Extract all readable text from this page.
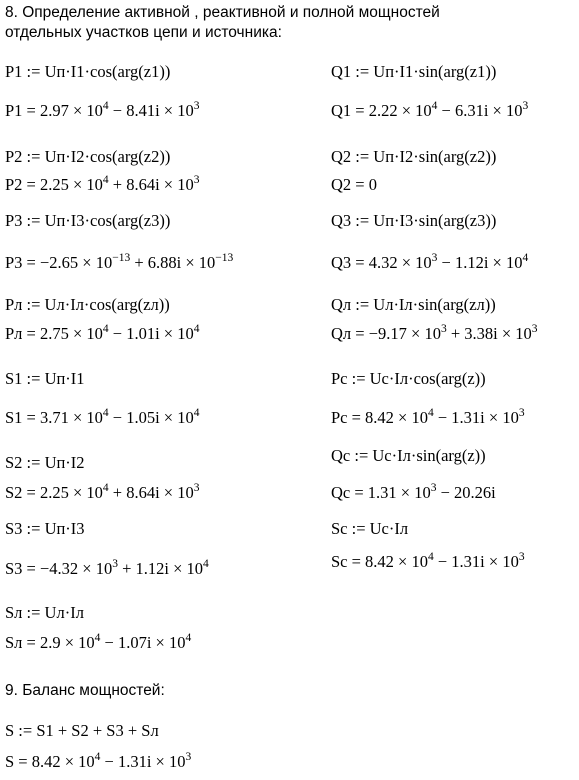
8. Определение активной , реактивной и полной мощностей
отдельных участков цепи и источника:
P1 := Uп·I1·cos(arg(z1))
$P1 = 2.97 \times 10^4 - 8.41i \times 10^3$
P2 := Uп·I2·cos(arg(z2))
$P2 = 2.25 \times 10^4 + 8.64i \times 10^3$
P3 := Uп·I3·cos(arg(z3))
$P3 = -2.65 \times 10^{-13} + 6.88i \times 10^{-13}$
Pл := Uл·Iл·cos(arg(zл))
Pл = $2.75 \times 10^4 - 1.01i \times 10^4$
S1 := Uп·I1
$S1 = 3.71 \times 10^4 - 1.05i \times 10^4$
S2 := Uп·I2
$S2 = 2.25 \times 10^4 + 8.64i \times 10^3$
S3 := Uп·I3
$S3 = -4.32 \times 10^3 + 1.12i \times 10^4$
Sл := Uл·Iл
Sл = $2.9 \times 10^4 - 1.07i \times 10^4$
Q1 := Uп·I1·sin(arg(z1))
$Q1 = 2.22 \times 10^4 - 6.31i \times 10^3$
Q2 := Uп·I2·sin(arg(z2))
Q2 = 0
Q3 := Uп·I3·sin(arg(z3))
$Q3 = 4.32 \times 10^3 - 1.12i \times 10^4$
Qл := Uл·Iл·sin(arg(zл))
Qл = $-9.17 \times 10^3 + 3.38i \times 10^3$
Pc := Uc·Iл·cos(arg(z))
$Pc = 8.42 \times 10^4 - 1.31i \times 10^3$
Qc := Uc·Iл·sin(arg(z))
$Qc = 1.31 \times 10^3 - 20.26i$
Sc := Uc·Iл
$Sc = 8.42 \times 10^4 - 1.31i \times 10^3$
9. Баланс мощностей:
S := S1 + S2 + S3 + Sл
$S = 8.42 \times 10^4 - 1.31i \times 10^3$
